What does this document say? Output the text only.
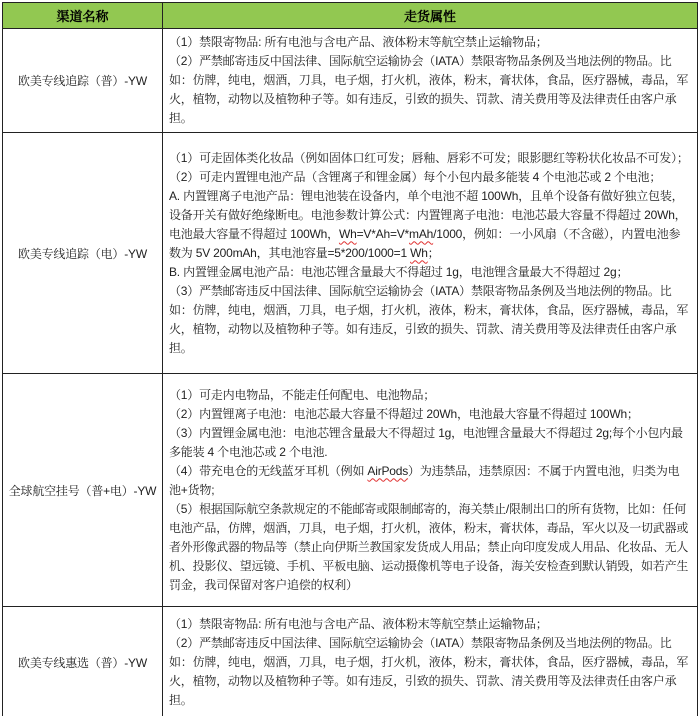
渠道名称	走货属性
欧美专线追踪（普）-YW	（1）禁限寄物品: 所有电池与含电产品、液体粉末等航空禁止运输物品；
（2）严禁邮寄违反中国法律、国际航空运输协会（IATA）禁限寄物品条例及当地法例的物品。比如：仿牌，纯电，烟酒，刀具，电子烟，打火机，液体，粉末，膏状体，食品，医疗器械，毒品，军火，植物，动物以及植物种子等。如有违反，引致的损失、罚款、清关费用等及法律责任由客户承担。

欧美专线追踪（电）-YW	（1）可走固体类化妆品（例如固体口红可发；唇釉、唇彩不可发；眼影腮红等粉状化妆品不可发）；
（2）可走内置锂电池产品（含锂离子和锂金属）每个小包内最多能装 4 个电池芯或 2 个电池；
A. 内置锂离子电池产品：锂电池装在设备内，单个电池不超 100Wh，且单个设备有做好独立包装，设备开关有做好绝缘断电。电池参数计算公式：内置锂离子电池：电池芯最大容量不得超过 20Wh，电池最大容量不得超过 100Wh，Wh=V*Ah=V*mAh/1000，例如：一小风扇（不含磁），内置电池参数为 5V 200mAh，其电池容量=5*200/1000=1 Wh；
B. 内置锂金属电池产品：电池芯锂含量最大不得超过 1g，电池锂含量最大不得超过 2g；
（3）严禁邮寄违反中国法律、国际航空运输协会（IATA）禁限寄物品条例及当地法例的物品。比如：仿牌，纯电，烟酒，刀具，电子烟，打火机，液体，粉末，膏状体，食品，医疗器械，毒品，军火，植物，动物以及植物种子等。如有违反，引致的损失、罚款、清关费用等及法律责任由客户承担。

全球航空挂号（普+电）-YW	（1）可走内电物品，不能走任何配电、电池物品；
（2）内置锂离子电池：电池芯最大容量不得超过 20Wh，电池最大容量不得超过 100Wh；
（3）内置锂金属电池：电池芯锂含量最大不得超过 1g，电池锂含量最大不得超过 2g;每个小包内最多能装 4 个电池芯或 2 个电池.
（4）带充电仓的无线蓝牙耳机（例如 AirPods）为违禁品，违禁原因：不属于内置电池，归类为电池+货物;
（5）根据国际航空条款规定的不能邮寄或限制邮寄的，海关禁止/限制出口的所有货物，比如：任何电池产品，仿牌，烟酒，刀具，电子烟，打火机，液体，粉末，膏状体，毒品，军火以及一切武器或者外形像武器的物品等（禁止向伊斯兰教国家发货成人用品；禁止向印度发成人用品、化妆品、无人机、投影仪、望远镜、手机、平板电脑、运动摄像机等电子设备，海关安检查到默认销毁，如若产生罚金，我司保留对客户追偿的权利）

欧美专线惠选（普）-YW	（1）禁限寄物品: 所有电池与含电产品、液体粉末等航空禁止运输物品；
（2）严禁邮寄违反中国法律、国际航空运输协会（IATA）禁限寄物品条例及当地法例的物品。比如：仿牌，纯电，烟酒，刀具，电子烟，打火机，液体，粉末，膏状体，食品，医疗器械，毒品，军火，植物，动物以及植物种子等。如有违反，引致的损失、罚款、清关费用等及法律责任由客户承担。
